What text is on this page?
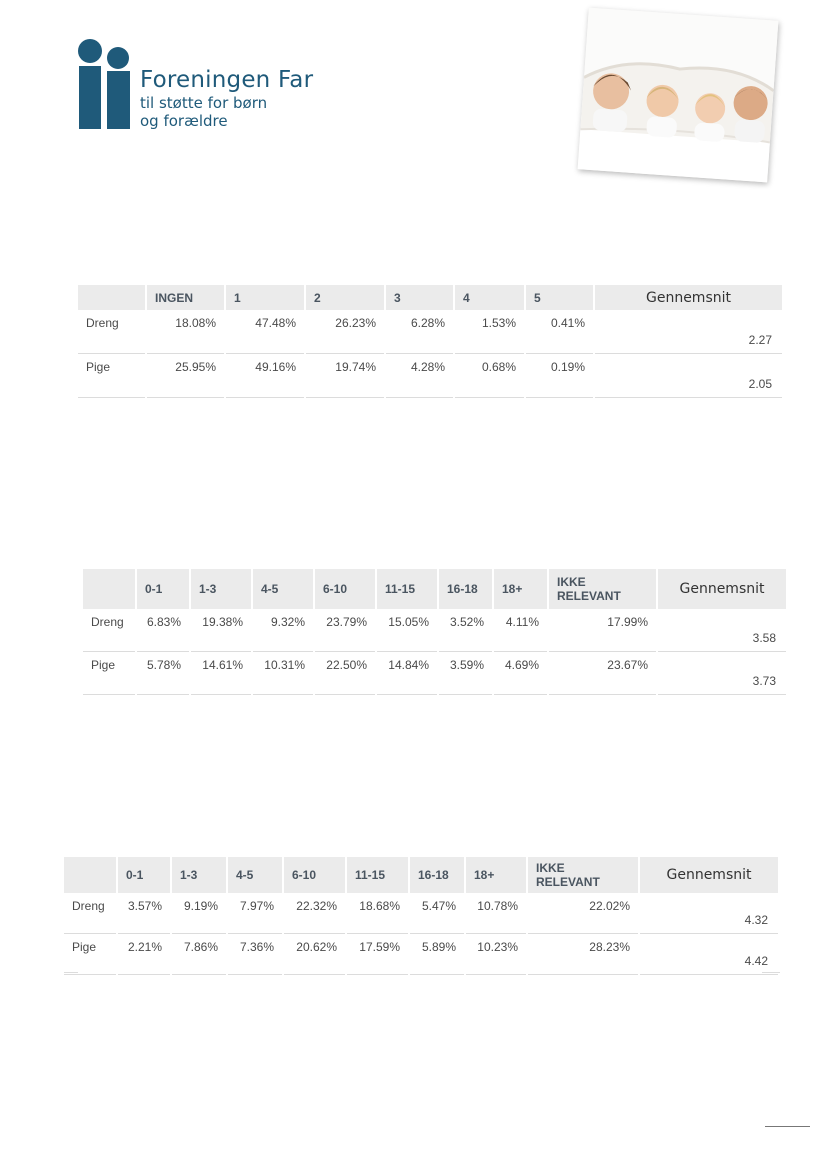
Foreningen Far
til støtte for børn
og forældre
	INGEN	1	2	3	4	5	Gennemsnit
Dreng	18.08%	47.48%	26.23%	6.28%	1.53%	0.41%	2.27
Pige	25.95%	49.16%	19.74%	4.28%	0.68%	0.19%	2.05
	0-1	1-3	4-5	6-10	11-15	16-18	18+	IKKE RELEVANT	Gennemsnit
Dreng	6.83%	19.38%	9.32%	23.79%	15.05%	3.52%	4.11%	17.99%	3.58
Pige	5.78%	14.61%	10.31%	22.50%	14.84%	3.59%	4.69%	23.67%	3.73
	0-1	1-3	4-5	6-10	11-15	16-18	18+	IKKE RELEVANT	Gennemsnit
Dreng	3.57%	9.19%	7.97%	22.32%	18.68%	5.47%	10.78%	22.02%	4.32
Pige	2.21%	7.86%	7.36%	20.62%	17.59%	5.89%	10.23%	28.23%	4.42
